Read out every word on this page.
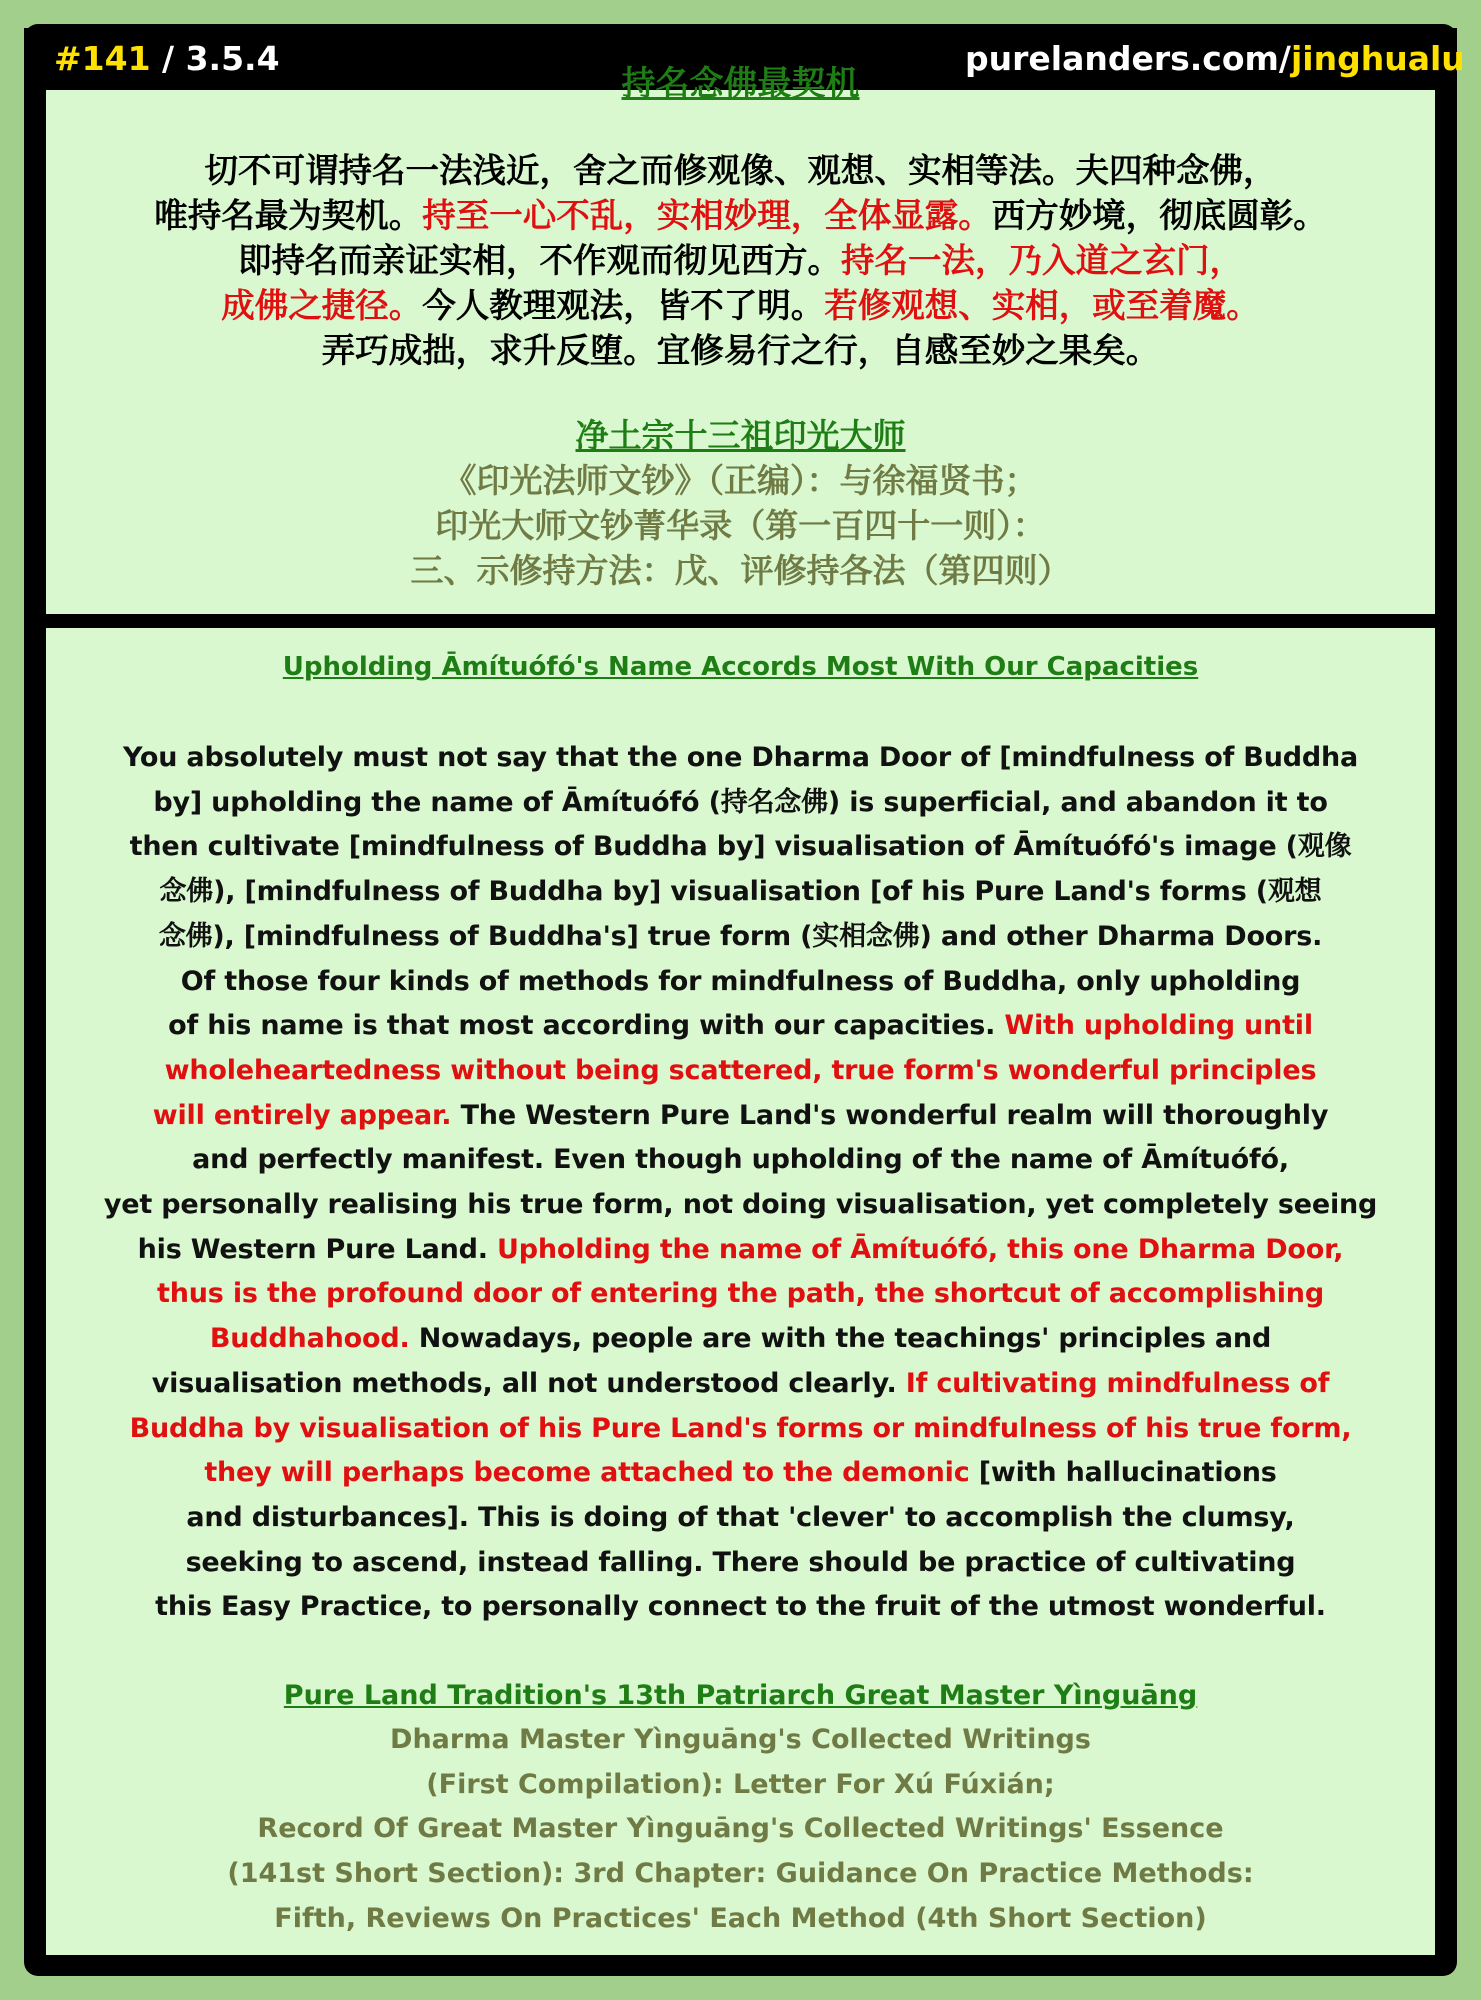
#141 / 3.5.4	purelanders.com/jinghualu

切不可谓持名一法浅近，舍之而修观像、观想、实相等法。夫四种念佛，

唯持名最为契机。持至一心不乱，实相妙理，全体显露。西方妙境，彻底圆彰。

即持名而亲证实相，不作观而彻见西方。持名一法，乃入道之玄门，

成佛之捷径。今人教理观法，皆不了明。若修观想、实相，或至着魔。

弄巧成拙，求升反堕。宜修易行之行，自感至妙之果矣。

净土宗十三祖印光大师

《印光法师文钞》（正编）：与徐福贤书；

印光大师文钞菁华录（第一百四十一则）：

三、示修持方法：戊、评修持各法（第四则）

持名念佛最契机
Upholding Āmítuófó's Name Accords Most With Our Capacities

You absolutely must not say that the one Dharma Door of [mindfulness of Buddha

by] upholding the name of Āmítuófó (持名念佛) is superficial, and abandon it to

then cultivate [mindfulness of Buddha by] visualisation of Āmítuófó's image (观像

念佛), [mindfulness of Buddha by] visualisation [of his Pure Land's forms (观想

念佛), [mindfulness of Buddha's] true form (实相念佛) and other Dharma Doors.

Of those four kinds of methods for mindfulness of Buddha, only upholding

of his name is that most according with our capacities. With upholding until

wholeheartedness without being scattered, true form's wonderful principles

will entirely appear. The Western Pure Land's wonderful realm will thoroughly

and perfectly manifest. Even though upholding of the name of Āmítuófó,

yet personally realising his true form, not doing visualisation, yet completely seeing

his Western Pure Land. Upholding the name of Āmítuófó, this one Dharma Door,

thus is the profound door of entering the path, the shortcut of accomplishing

Buddhahood. Nowadays, people are with the teachings' principles and

visualisation methods, all not understood clearly. If cultivating mindfulness of

Buddha by visualisation of his Pure Land's forms or mindfulness of his true form,

they will perhaps become attached to the demonic [with hallucinations

and disturbances]. This is doing of that 'clever' to accomplish the clumsy,

seeking to ascend, instead falling. There should be practice of cultivating

this Easy Practice, to personally connect to the fruit of the utmost wonderful.

Pure Land Tradition's 13th Patriarch Great Master Yìnguāng

Dharma Master Yìnguāng's Collected Writings

(First Compilation): Letter For Xú Fúxián;

Record Of Great Master Yìnguāng's Collected Writings' Essence

(141st Short Section): 3rd Chapter: Guidance On Practice Methods:

Fifth, Reviews On Practices' Each Method (4th Short Section)
